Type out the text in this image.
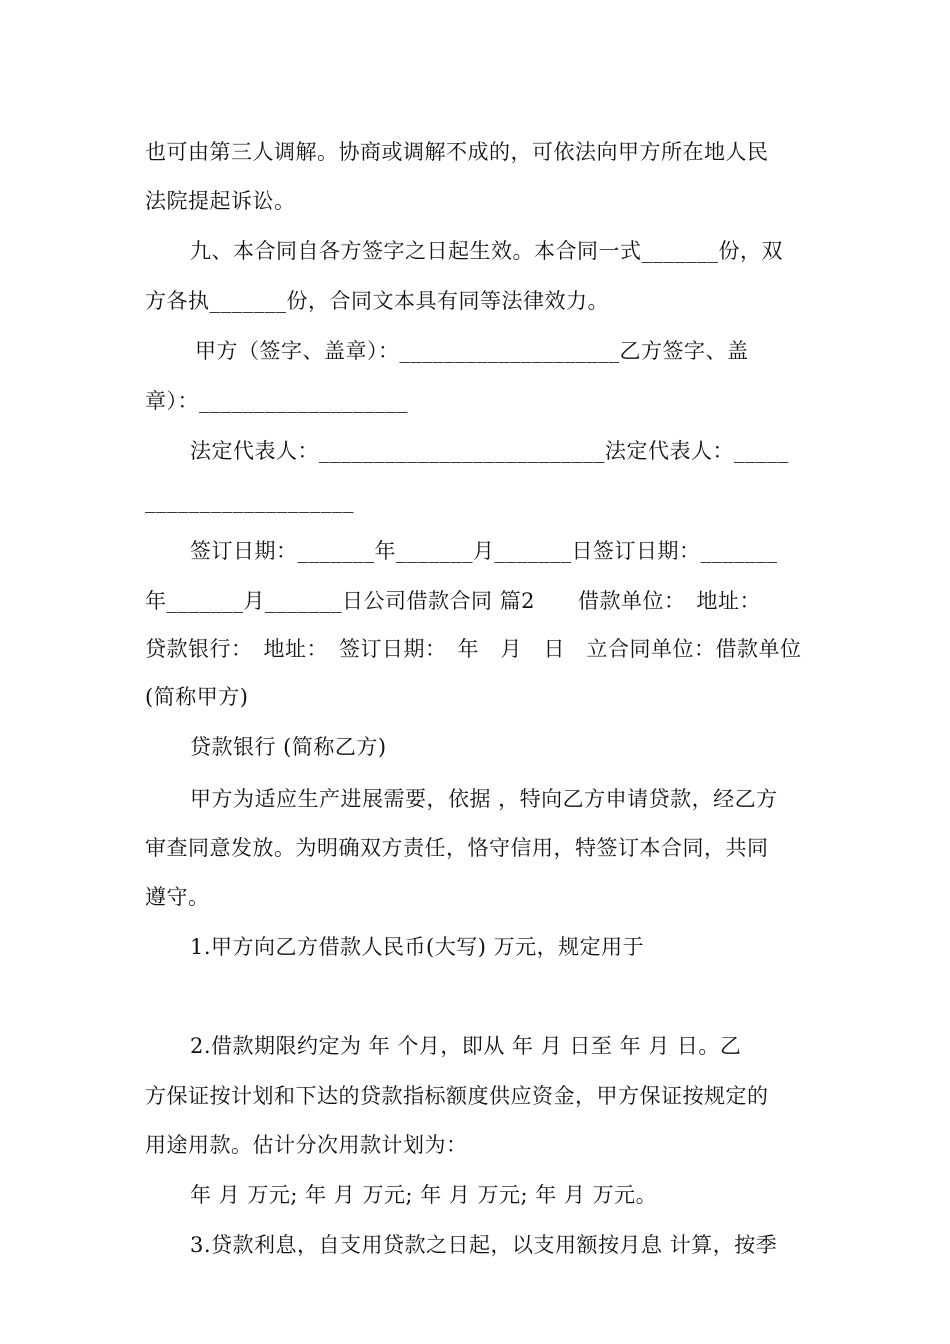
也可由第三人调解。协商或调解不成的，可依法向甲方所在地人民
法院提起诉讼。
九、本合同自各方签字之日起生效。本合同一式_______份，双
方各执_______份，合同文本具有同等法律效力。
甲方（签字、盖章）：____________________乙方签字、盖
章）：___________________
法定代表人：__________________________法定代表人：_____
___________________
签订日期：_______年_______月_______日签订日期：_______
年_______月_______日公司借款合同 篇2　　借款单位：　地址：
贷款银行：　地址：　签订日期：　年　月　日　立合同单位：借款单位
(简称甲方)
贷款银行 (简称乙方)
甲方为适应生产进展需要，依据 ，特向乙方申请贷款，经乙方
审查同意发放。为明确双方责任，恪守信用，特签订本合同，共同
遵守。
1.甲方向乙方借款人民币(大写) 万元，规定用于
2.借款期限约定为 年 个月，即从 年 月 日至 年 月 日。乙
方保证按计划和下达的贷款指标额度供应资金，甲方保证按规定的
用途用款。估计分次用款计划为：
年 月 万元; 年 月 万元; 年 月 万元; 年 月 万元。
3.贷款利息，自支用贷款之日起，以支用额按月息 计算，按季
